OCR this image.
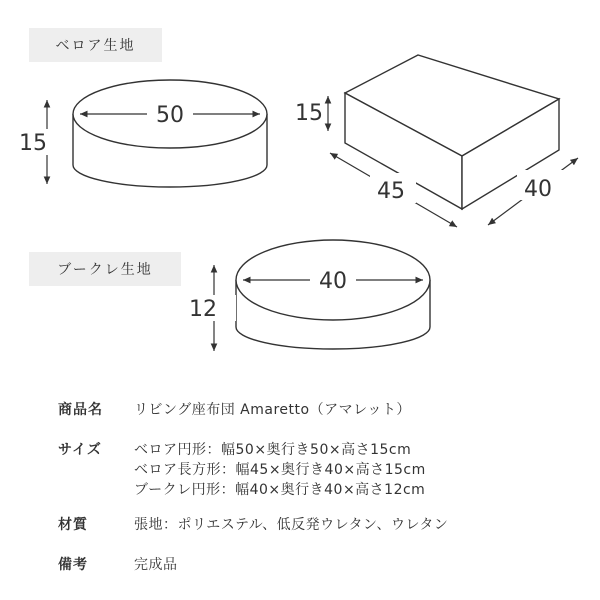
ベロア生地
ブークレ生地
50
15
15
45	40
40
12
商品名 リビング座布団 Amaretto（アマレット）
サイズ ベロア円形：幅50×奥行き50×高さ15cm
ベロア長方形：幅45×奥行き40×高さ15cm
ブークレ円形：幅40×奥行き40×高さ12cm
材質	張地：ポリエステル、低反発ウレタン、ウレタン
備考	完成品
